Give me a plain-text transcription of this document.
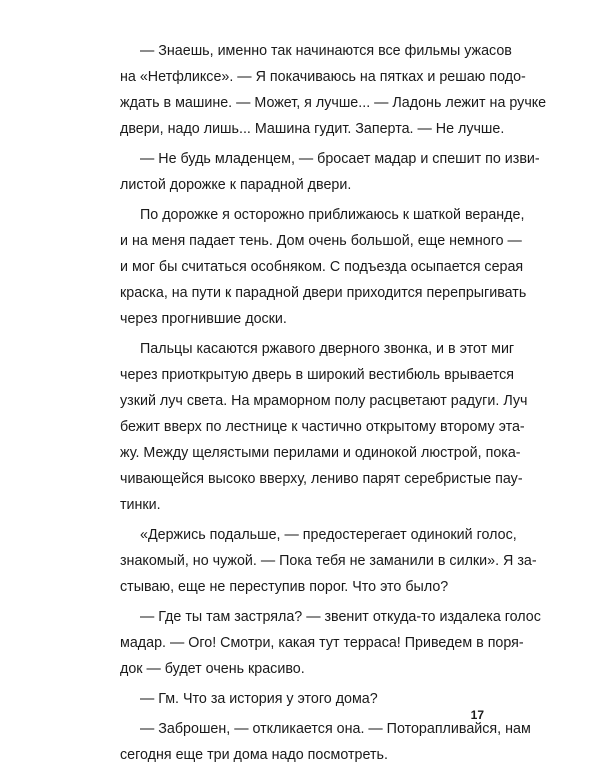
— Знаешь, именно так начинаются все фильмы ужасов
на «Нетфликсе». — Я покачиваюсь на пятках и решаю подо-
ждать в машине. — Может, я лучше... — Ладонь лежит на ручке
двери, надо лишь... Машина гудит. Заперта. — Не лучше.
— Не будь младенцем, — бросает мадар и спешит по изви-
листой дорожке к парадной двери.
По дорожке я осторожно приближаюсь к шаткой веранде,
и на меня падает тень. Дом очень большой, еще немного —
и мог бы считаться особняком. С подъезда осыпается серая
краска, на пути к парадной двери приходится перепрыгивать
через прогнившие доски.
Пальцы касаются ржавого дверного звонка, и в этот миг
через приоткрытую дверь в широкий вестибюль врывается
узкий луч света. На мраморном полу расцветают радуги. Луч
бежит вверх по лестнице к частично открытому второму эта-
жу. Между щелястыми перилами и одинокой люстрой, пока-
чивающейся высоко вверху, лениво парят серебристые пау-
тинки.
«Держись подальше, — предостерегает одинокий голос,
знакомый, но чужой. — Пока тебя не заманили в силки». Я за-
стываю, еще не переступив порог. Что это было?
— Где ты там застряла? — звенит откуда-то издалека голос
мадар. — Ого! Смотри, какая тут терраса! Приведем в поря-
док — будет очень красиво.
— Гм. Что за история у этого дома?
— Заброшен, — откликается она. — Поторапливайся, нам
сегодня еще три дома надо посмотреть.
17
